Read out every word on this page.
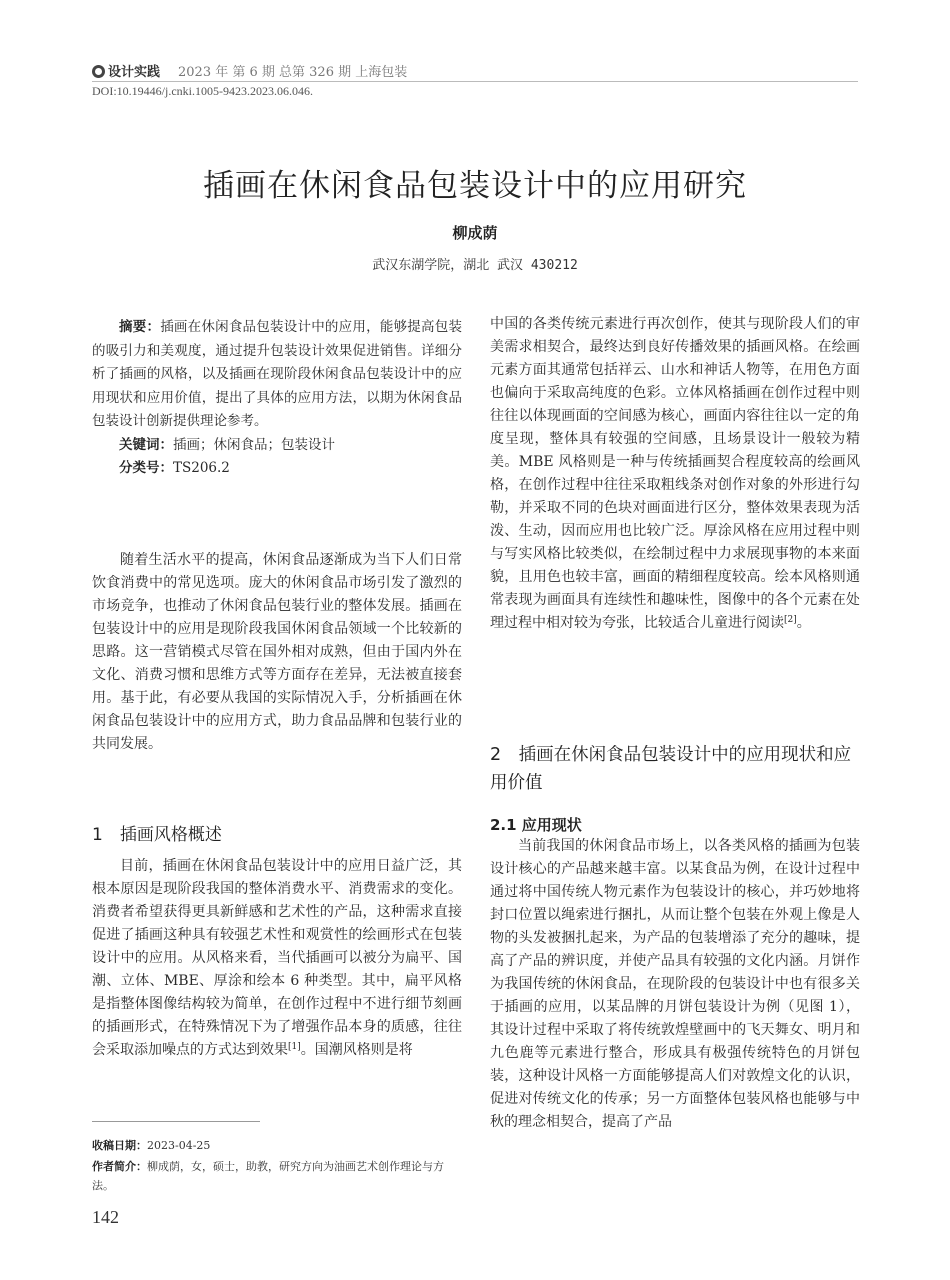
设计实践 2023 年 第 6 期 总第 326 期 上海包装
DOI:10.19446/j.cnki.1005-9423.2023.06.046.
插画在休闲食品包装设计中的应用研究
柳成荫
武汉东湖学院，湖北 武汉 430212

摘要：插画在休闲食品包装设计中的应用，能够提高包装的吸引力和美观度，通过提升包装设计效果促进销售。详细分析了插画的风格，以及插画在现阶段休闲食品包装设计中的应用现状和应用价值，提出了具体的应用方法，以期为休闲食品包装设计创新提供理论参考。

关键词：插画；休闲食品；包装设计

分类号：TS206.2

随着生活水平的提高，休闲食品逐渐成为当下人们日常饮食消费中的常见选项。庞大的休闲食品市场引发了激烈的市场竞争，也推动了休闲食品包装行业的整体发展。插画在包装设计中的应用是现阶段我国休闲食品领域一个比较新的思路。这一营销模式尽管在国外相对成熟，但由于国内外在文化、消费习惯和思维方式等方面存在差异，无法被直接套用。基于此，有必要从我国的实际情况入手，分析插画在休闲食品包装设计中的应用方式，助力食品品牌和包装行业的共同发展。

1　插画风格概述

目前，插画在休闲食品包装设计中的应用日益广泛，其根本原因是现阶段我国的整体消费水平、消费需求的变化。消费者希望获得更具新鲜感和艺术性的产品，这种需求直接促进了插画这种具有较强艺术性和观赏性的绘画形式在包装设计中的应用。从风格来看，当代插画可以被分为扁平、国潮、立体、MBE、厚涂和绘本 6 种类型。其中，扁平风格是指整体图像结构较为简单，在创作过程中不进行细节刻画的插画形式，在特殊情况下为了增强作品本身的质感，往往会采取添加噪点的方式达到效果[1]。国潮风格则是将

收稿日期：2023-04-25
作者简介：柳成荫，女，硕士，助教，研究方向为油画艺术创作理论与方法。
142

中国的各类传统元素进行再次创作，使其与现阶段人们的审美需求相契合，最终达到良好传播效果的插画风格。在绘画元素方面其通常包括祥云、山水和神话人物等，在用色方面也偏向于采取高纯度的色彩。立体风格插画在创作过程中则往往以体现画面的空间感为核心，画面内容往往以一定的角度呈现，整体具有较强的空间感，且场景设计一般较为精美。MBE 风格则是一种与传统插画契合程度较高的绘画风格，在创作过程中往往采取粗线条对创作对象的外形进行勾勒，并采取不同的色块对画面进行区分，整体效果表现为活泼、生动，因而应用也比较广泛。厚涂风格在应用过程中则与写实风格比较类似，在绘制过程中力求展现事物的本来面貌，且用色也较丰富，画面的精细程度较高。绘本风格则通常表现为画面具有连续性和趣味性，图像中的各个元素在处理过程中相对较为夸张，比较适合儿童进行阅读[2]。

2　插画在休闲食品包装设计中的应用现状和应用价值
2.1 应用现状

当前我国的休闲食品市场上，以各类风格的插画为包装设计核心的产品越来越丰富。以某食品为例，在设计过程中通过将中国传统人物元素作为包装设计的核心，并巧妙地将封口位置以绳索进行捆扎，从而让整个包装在外观上像是人物的头发被捆扎起来，为产品的包装增添了充分的趣味，提高了产品的辨识度，并使产品具有较强的文化内涵。月饼作为我国传统的休闲食品，在现阶段的包装设计中也有很多关于插画的应用，以某品牌的月饼包装设计为例（见图 1），其设计过程中采取了将传统敦煌壁画中的飞天舞女、明月和九色鹿等元素进行整合，形成具有极强传统特色的月饼包装，这种设计风格一方面能够提高人们对敦煌文化的认识，促进对传统文化的传承；另一方面整体包装风格也能够与中秋的理念相契合，提高了产品
